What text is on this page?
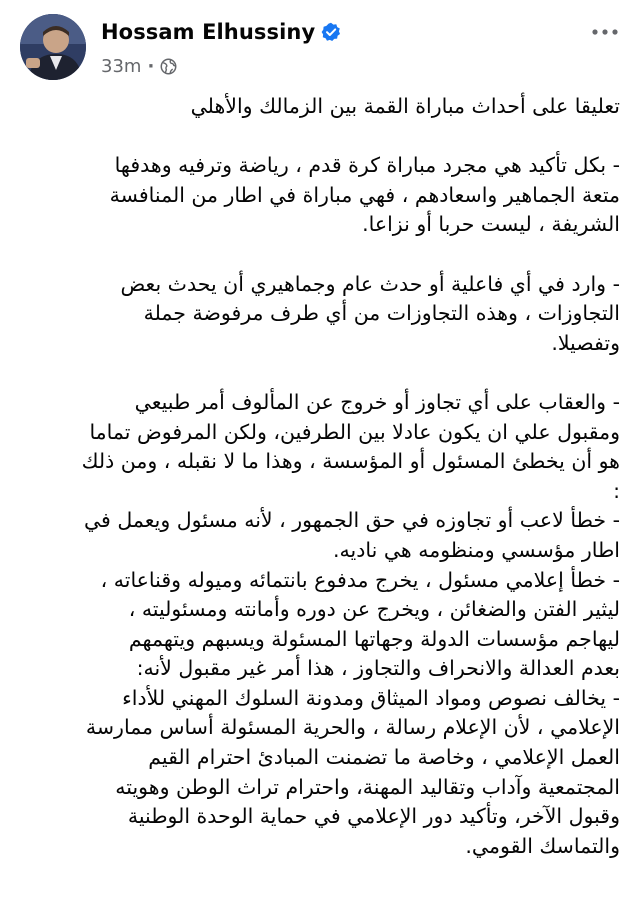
Hossam Elhussiny
33m ·

تعليقا على أحداث مباراة القمة بين الزمالك والأهلي

- بكل تأكيد هي مجرد مباراة كرة قدم ، رياضة وترفيه وهدفها

متعة الجماهير واسعادهم ، فهي مباراة في اطار من المنافسة

الشريفة ، ليست حربا أو نزاعا.

- وارد في أي فاعلية أو حدث عام وجماهيري أن يحدث بعض

التجاوزات ، وهذه التجاوزات من أي طرف مرفوضة جملة

وتفصيلا.

- والعقاب على أي تجاوز أو خروج عن المألوف أمر طبيعي

ومقبول علي ان يكون عادلا بين الطرفين، ولكن المرفوض تماما

هو أن يخطئ المسئول أو المؤسسة ، وهذا ما لا نقبله ، ومن ذلك

:

- خطأ لاعب أو تجاوزه في حق الجمهور ، لأنه مسئول ويعمل في

اطار مؤسسي ومنظومه هي ناديه.

- خطأ إعلامي مسئول ، يخرج مدفوع بانتمائه وميوله وقناعاته ،

ليثير الفتن والضغائن ، ويخرج عن دوره وأمانته ومسئوليته ،

ليهاجم مؤسسات الدولة وجهاتها المسئولة ويسبهم ويتهمهم

بعدم العدالة والانحراف والتجاوز ، هذا أمر غير مقبول لأنه:

- يخالف نصوص ومواد الميثاق ومدونة السلوك المهني للأداء

الإعلامي ، لأن الإعلام رسالة ، والحرية المسئولة أساس ممارسة

العمل الإعلامي ، وخاصة ما تضمنت المبادئ احترام القيم

المجتمعية وآداب وتقاليد المهنة، واحترام تراث الوطن وهويته

وقبول الآخر، وتأكيد دور الإعلامي في حماية الوحدة الوطنية

والتماسك القومي.
